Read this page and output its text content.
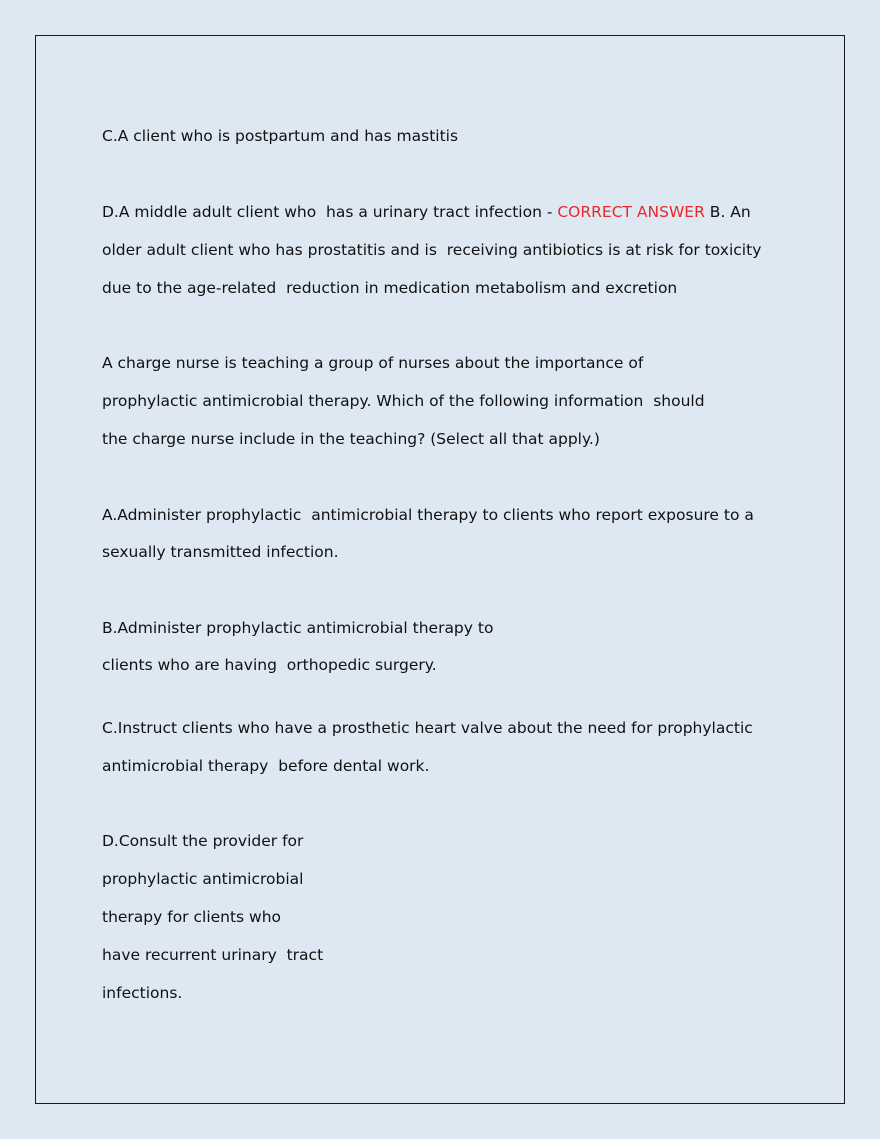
C.A client who is postpartum and has mastitis
D.A middle adult client who  has a urinary tract infection - CORRECT ANSWER B. An
older adult client who has prostatitis and is  receiving antibiotics is at risk for toxicity
due to the age-related  reduction in medication metabolism and excretion
A charge nurse is teaching a group of nurses about the importance of
prophylactic antimicrobial therapy. Which of the following information  should
the charge nurse include in the teaching? (Select all that apply.)
A.Administer prophylactic  antimicrobial therapy to clients who report exposure to a
sexually transmitted infection.
B.Administer prophylactic antimicrobial therapy to
clients who are having  orthopedic surgery.
C.Instruct clients who have a prosthetic heart valve about the need for prophylactic
antimicrobial therapy  before dental work.
D.Consult the provider for
prophylactic antimicrobial
therapy for clients who
have recurrent urinary  tract
infections.
